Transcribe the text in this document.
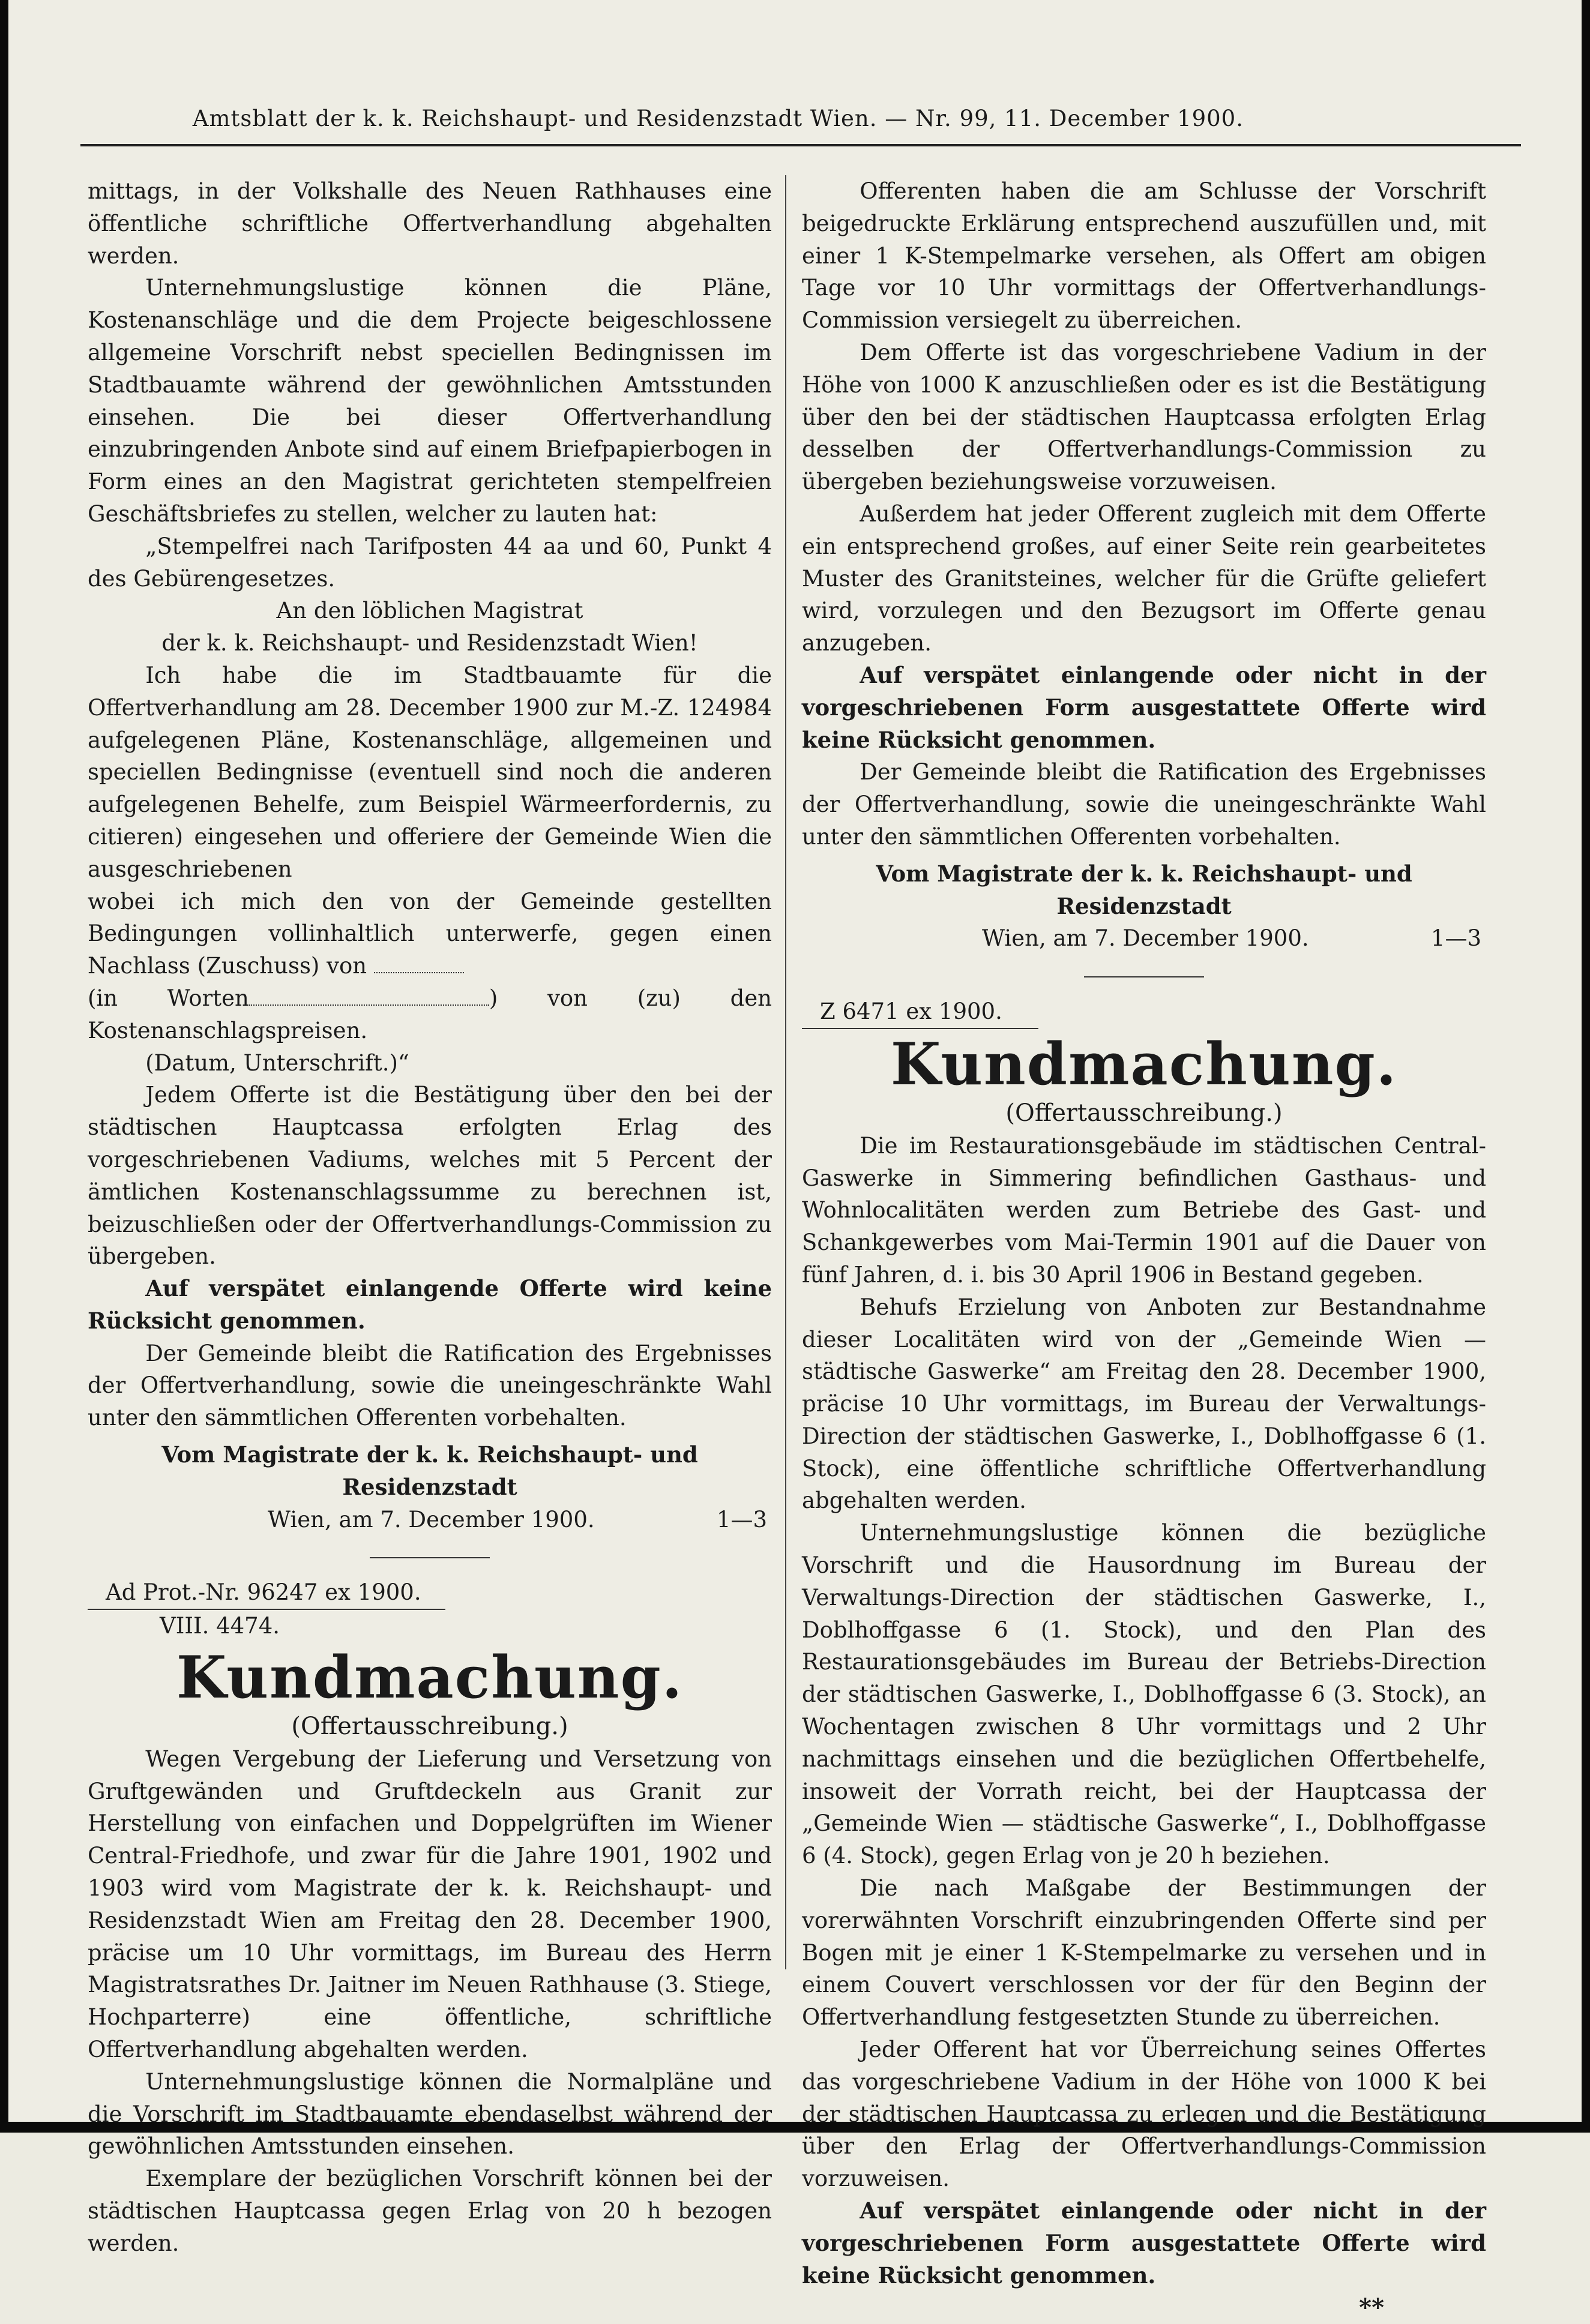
Amtsblatt der k. k. Reichshaupt- und Residenzstadt Wien. — Nr. 99, 11. December 1900.

mittags, in der Volkshalle des Neuen Rathhauses eine öffentliche schriftliche Offertverhandlung abgehalten werden.

Unternehmungslustige können die Pläne, Kostenanschläge und die dem Projecte beigeschlossene allgemeine Vorschrift nebst speciellen Bedingnissen im Stadtbauamte während der gewöhnlichen Amtsstunden einsehen. Die bei dieser Offertverhandlung einzubringenden Anbote sind auf einem Briefpapierbogen in Form eines an den Magistrat gerichteten stempelfreien Geschäftsbriefes zu stellen, welcher zu lauten hat:

„Stempelfrei nach Tarifposten 44 aa und 60, Punkt 4 des Gebürengesetzes.

An den löblichen Magistrat

der k. k. Reichshaupt- und Residenzstadt Wien!

Ich habe die im Stadtbauamte für die Offertverhandlung am 28. December 1900 zur M.-Z. 124984 aufgelegenen Pläne, Kostenanschläge, allgemeinen und speciellen Bedingnisse (eventuell sind noch die anderen aufgelegenen Behelfe, zum Beispiel Wärmeerfordernis, zu citieren) eingesehen und offeriere der Gemeinde Wien die ausgeschriebenen

wobei ich mich den von der Gemeinde gestellten Bedingungen vollinhaltlich unterwerfe, gegen einen Nachlass (Zuschuss) von

(in Worten	) von (zu) den Kostenanschlagspreisen.

(Datum, Unterschrift.)“

Jedem Offerte ist die Bestätigung über den bei der städtischen Hauptcassa erfolgten Erlag des vorgeschriebenen Vadiums, welches mit 5 Percent der ämtlichen Kostenanschlagssumme zu berechnen ist, beizuschließen oder der Offertverhandlungs-Commission zu übergeben.

Auf verspätet einlangende Offerte wird keine Rücksicht genommen.

Der Gemeinde bleibt die Ratification des Ergebnisses der Offertverhandlung, sowie die uneingeschränkte Wahl unter den sämmtlichen Offerenten vorbehalten.

Vom Magistrate der k. k. Reichshaupt- und Residenzstadt

Wien, am 7. December 1900.	1—3

Ad Prot.-Nr. 96247 ex 1900.

VIII. 4474.

Kundmachung.
(Offertausschreibung.)

Wegen Vergebung der Lieferung und Versetzung von Gruftgewänden und Gruftdeckeln aus Granit zur Herstellung von einfachen und Doppelgrüften im Wiener Central-Friedhofe, und zwar für die Jahre 1901, 1902 und 1903 wird vom Magistrate der k. k. Reichshaupt- und Residenzstadt Wien am Freitag den 28. December 1900, präcise um 10 Uhr vormittags, im Bureau des Herrn Magistratsrathes Dr. Jaitner im Neuen Rathhause (3. Stiege, Hochparterre) eine öffentliche, schriftliche Offertverhandlung abgehalten werden.

Unternehmungslustige können die Normalpläne und die Vorschrift im Stadtbauamte ebendaselbst während der gewöhnlichen Amtsstunden einsehen.

Exemplare der bezüglichen Vorschrift können bei der städtischen Hauptcassa gegen Erlag von 20 h bezogen werden.

Offerenten haben die am Schlusse der Vorschrift beigedruckte Erklärung entsprechend auszufüllen und, mit einer 1 K-Stempelmarke versehen, als Offert am obigen Tage vor 10 Uhr vormittags der Offertverhandlungs-Commission versiegelt zu überreichen.

Dem Offerte ist das vorgeschriebene Vadium in der Höhe von 1000 K anzuschließen oder es ist die Bestätigung über den bei der städtischen Hauptcassa erfolgten Erlag desselben der Offertverhandlungs-Commission zu übergeben beziehungsweise vorzuweisen.

Außerdem hat jeder Offerent zugleich mit dem Offerte ein entsprechend großes, auf einer Seite rein gearbeitetes Muster des Granitsteines, welcher für die Grüfte geliefert wird, vorzulegen und den Bezugsort im Offerte genau anzugeben.

Auf verspätet einlangende oder nicht in der vorgeschriebenen Form ausgestattete Offerte wird keine Rücksicht genommen.

Der Gemeinde bleibt die Ratification des Ergebnisses der Offertverhandlung, sowie die uneingeschränkte Wahl unter den sämmtlichen Offerenten vorbehalten.

Vom Magistrate der k. k. Reichshaupt- und Residenzstadt

Wien, am 7. December 1900.	1—3

Z 6471 ex 1900.

Kundmachung.
(Offertausschreibung.)

Die im Restaurationsgebäude im städtischen Central-Gaswerke in Simmering befindlichen Gasthaus- und Wohnlocalitäten werden zum Betriebe des Gast- und Schankgewerbes vom Mai-Termin 1901 auf die Dauer von fünf Jahren, d. i. bis 30 April 1906 in Bestand gegeben.

Behufs Erzielung von Anboten zur Bestandnahme dieser Localitäten wird von der „Gemeinde Wien — städtische Gaswerke“ am Freitag den 28. December 1900, präcise 10 Uhr vormittags, im Bureau der Verwaltungs-Direction der städtischen Gaswerke, I., Doblhoffgasse 6 (1. Stock), eine öffentliche schriftliche Offertverhandlung abgehalten werden.

Unternehmungslustige können die bezügliche Vorschrift und die Hausordnung im Bureau der Verwaltungs-Direction der städtischen Gaswerke, I., Doblhoffgasse 6 (1. Stock), und den Plan des Restaurationsgebäudes im Bureau der Betriebs-Direction der städtischen Gaswerke, I., Doblhoffgasse 6 (3. Stock), an Wochentagen zwischen 8 Uhr vormittags und 2 Uhr nachmittags einsehen und die bezüglichen Offertbehelfe, insoweit der Vorrath reicht, bei der Hauptcassa der „Gemeinde Wien — städtische Gaswerke“, I., Doblhoffgasse 6 (4. Stock), gegen Erlag von je 20 h beziehen.

Die nach Maßgabe der Bestimmungen der vorerwähnten Vorschrift einzubringenden Offerte sind per Bogen mit je einer 1 K-Stempelmarke zu versehen und in einem Couvert verschlossen vor der für den Beginn der Offertverhandlung festgesetzten Stunde zu überreichen.

Jeder Offerent hat vor Überreichung seines Offertes das vorgeschriebene Vadium in der Höhe von 1000 K bei der städtischen Hauptcassa zu erlegen und die Bestätigung über den Erlag der Offertverhandlungs-Commission vorzuweisen.

Auf verspätet einlangende oder nicht in der vorgeschriebenen Form ausgestattete Offerte wird keine Rücksicht genommen.

**
